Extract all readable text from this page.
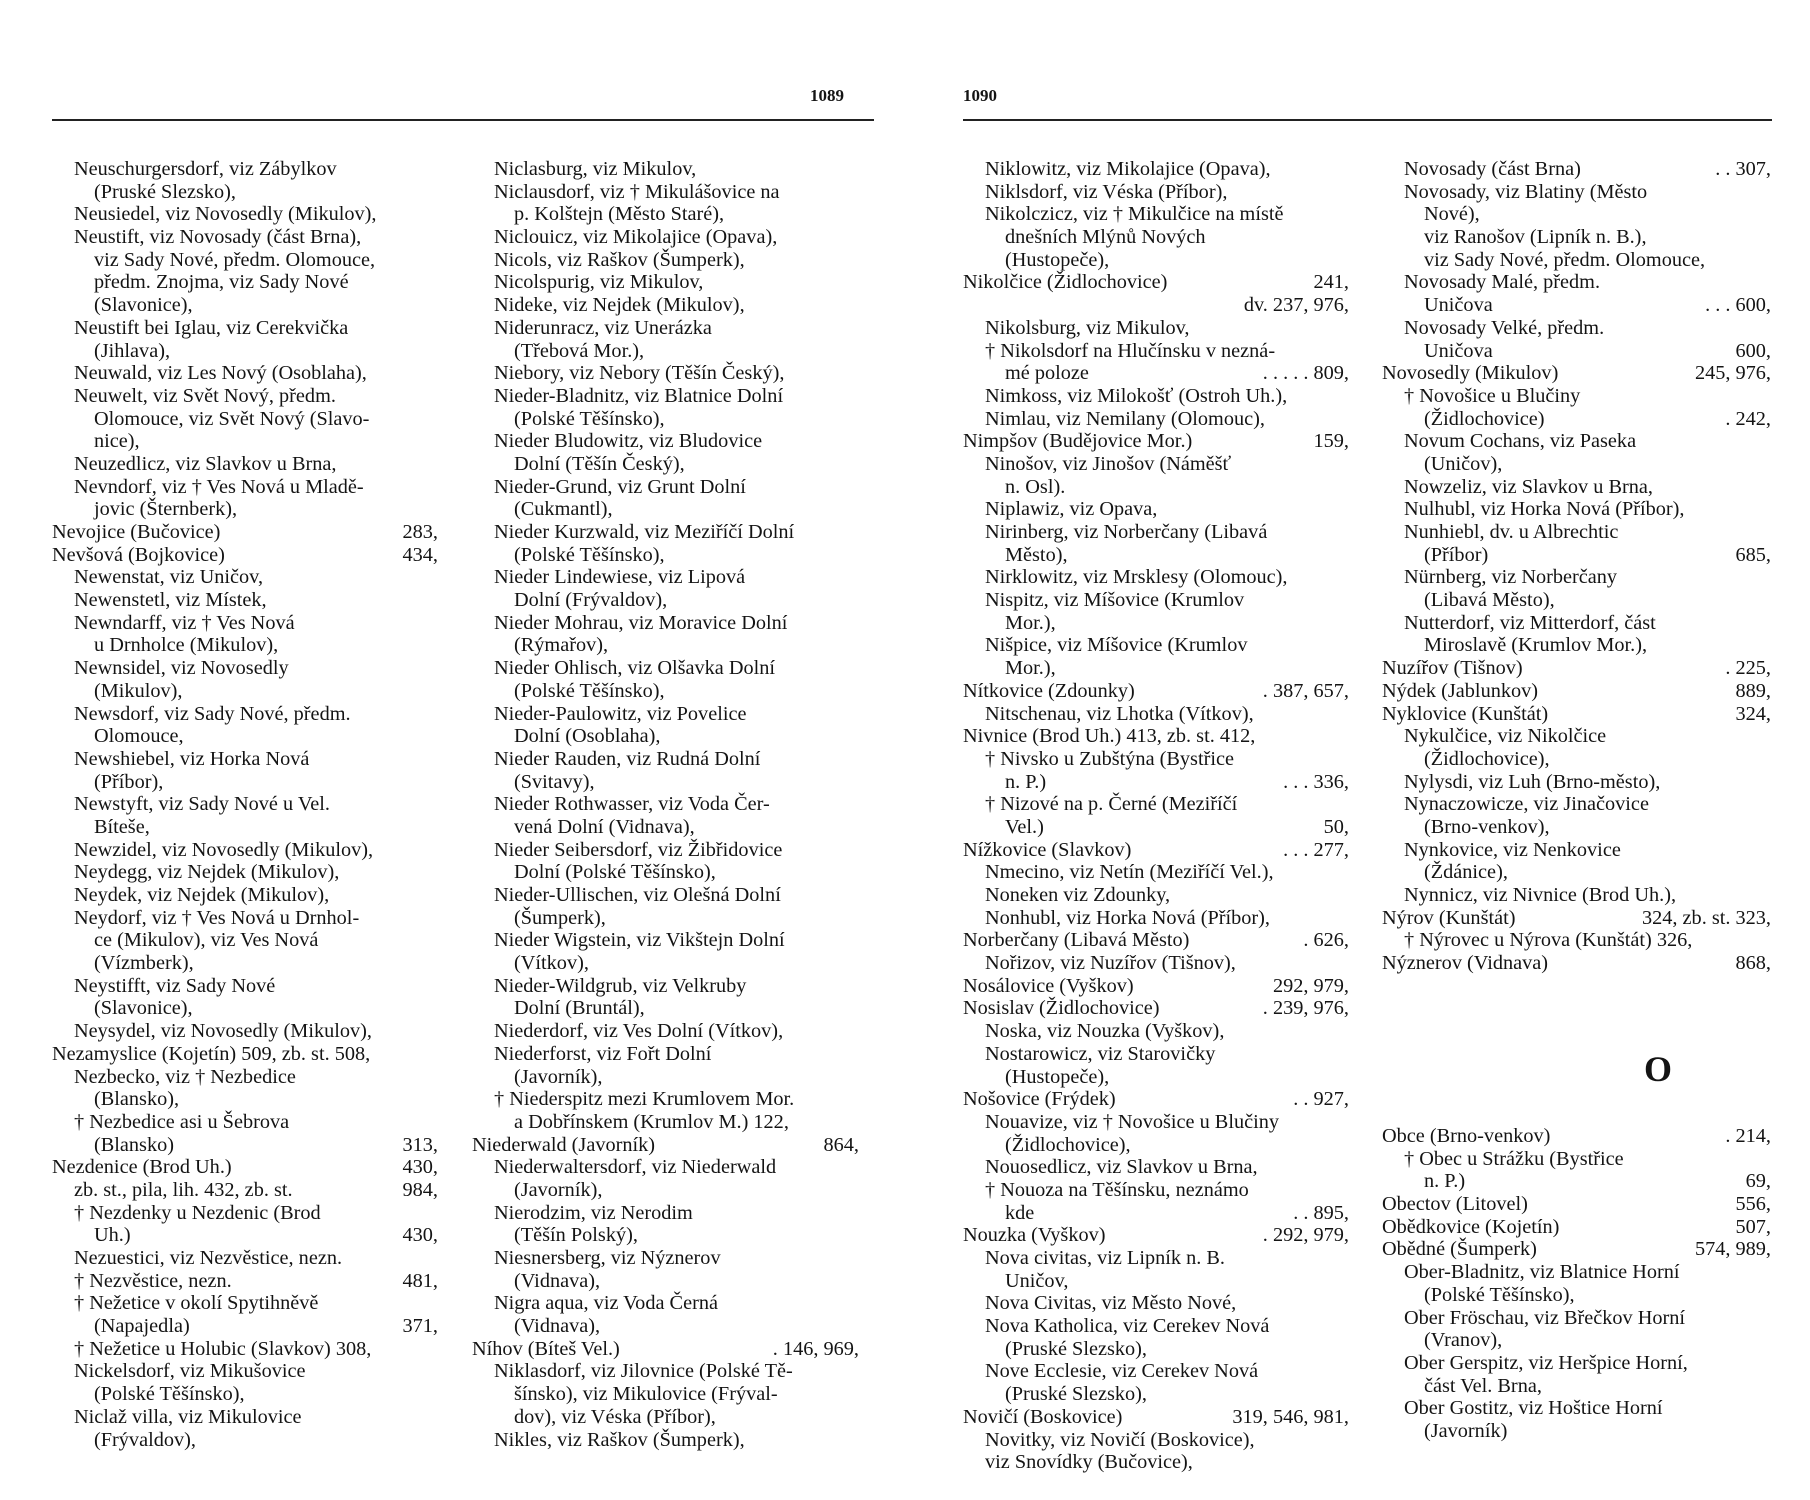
1089	1090
Neuschurgersdorf, viz Zábylkov
(Pruské Slezsko),
Neusiedel, viz Novosedly (Mikulov),
Neustift, viz Novosady (část Brna),
viz Sady Nové, předm. Olomouce,
předm. Znojma, viz Sady Nové
(Slavonice),
Neustift bei Iglau, viz Cerekvička
(Jihlava),
Neuwald, viz Les Nový (Osoblaha),
Neuwelt, viz Svět Nový, předm.
Olomouce, viz Svět Nový (Slavo-
nice),
Neuzedlicz, viz Slavkov u Brna,
Nevndorf, viz † Ves Nová u Mladě-
jovic (Šternberk),
Nevojice (Bučovice)	283,
Nevšová (Bojkovice)	434,
Newenstat, viz Uničov,
Newenstetl, viz Místek,
Newndarff, viz † Ves Nová
u Drnholce (Mikulov),
Newnsidel, viz Novosedly
(Mikulov),
Newsdorf, viz Sady Nové, předm.
Olomouce,
Newshiebel, viz Horka Nová
(Příbor),
Newstyft, viz Sady Nové u Vel.
Bíteše,
Newzidel, viz Novosedly (Mikulov),
Neydegg, viz Nejdek (Mikulov),
Neydek, viz Nejdek (Mikulov),
Neydorf, viz † Ves Nová u Drnhol-
ce (Mikulov), viz Ves Nová
(Vízmberk),
Neystifft, viz Sady Nové
(Slavonice),
Neysydel, viz Novosedly (Mikulov),
Nezamyslice (Kojetín) 509, zb. st. 508,
Nezbecko, viz † Nezbedice
(Blansko),
† Nezbedice asi u Šebrova
(Blansko)	313,
Nezdenice (Brod Uh.)	430,
zb. st., pila, lih. 432, zb. st.	984,
† Nezdenky u Nezdenic (Brod
Uh.)	430,
Nezuestici, viz Nezvěstice, nezn.
† Nezvěstice, nezn.	481,
† Nežetice v okolí Spytihněvě
(Napajedla)	371,
† Nežetice u Holubic (Slavkov) 308,
Nickelsdorf, viz Mikušovice
(Polské Těšínsko),
Niclaž villa, viz Mikulovice
(Frývaldov),
Niclasburg, viz Mikulov,
Niclausdorf, viz † Mikulášovice na
p. Kolštejn (Město Staré),
Niclouicz, viz Mikolajice (Opava),
Nicols, viz Raškov (Šumperk),
Nicolspurig, viz Mikulov,
Nideke, viz Nejdek (Mikulov),
Niderunracz, viz Unerázka
(Třebová Mor.),
Niebory, viz Nebory (Těšín Český),
Nieder-Bladnitz, viz Blatnice Dolní
(Polské Těšínsko),
Nieder Bludowitz, viz Bludovice
Dolní (Těšín Český),
Nieder-Grund, viz Grunt Dolní
(Cukmantl),
Nieder Kurzwald, viz Meziříčí Dolní
(Polské Těšínsko),
Nieder Lindewiese, viz Lipová
Dolní (Frývaldov),
Nieder Mohrau, viz Moravice Dolní
(Rýmařov),
Nieder Ohlisch, viz Olšavka Dolní
(Polské Těšínsko),
Nieder-Paulowitz, viz Povelice
Dolní (Osoblaha),
Nieder Rauden, viz Rudná Dolní
(Svitavy),
Nieder Rothwasser, viz Voda Čer-
vená Dolní (Vidnava),
Nieder Seibersdorf, viz Žibřidovice
Dolní (Polské Těšínsko),
Nieder-Ullischen, viz Olešná Dolní
(Šumperk),
Nieder Wigstein, viz Vikštejn Dolní
(Vítkov),
Nieder-Wildgrub, viz Velkruby
Dolní (Bruntál),
Niederdorf, viz Ves Dolní (Vítkov),
Niederforst, viz Fořt Dolní
(Javorník),
† Niederspitz mezi Krumlovem Mor.
a Dobřínskem (Krumlov M.) 122,
Niederwald (Javorník)	864,
Niederwaltersdorf, viz Niederwald
(Javorník),
Nierodzim, viz Nerodim
(Těšín Polský),
Niesnersberg, viz Nýznerov
(Vidnava),
Nigra aqua, viz Voda Černá
(Vidnava),
Níhov (Bíteš Vel.)	. 146, 969,
Niklasdorf, viz Jilovnice (Polské Tě-
šínsko), viz Mikulovice (Frýval-
dov), viz Véska (Příbor),
Nikles, viz Raškov (Šumperk),
Niklowitz, viz Mikolajice (Opava),
Niklsdorf, viz Véska (Příbor),
Nikolczicz, viz † Mikulčice na místě
dnešních Mlýnů Nových
(Hustopeče),
Nikolčice (Židlochovice)	241,
dv. 237, 976,
Nikolsburg, viz Mikulov,
† Nikolsdorf na Hlučínsku v nezná-
mé poloze	. . . . . 809,
Nimkoss, viz Milokošť (Ostroh Uh.),
Nimlau, viz Nemilany (Olomouc),
Nimpšov (Budějovice Mor.)	159,
Ninošov, viz Jinošov (Náměšť
n. Osl).
Niplawiz, viz Opava,
Nirinberg, viz Norberčany (Libavá
Město),
Nirklowitz, viz Mrsklesy (Olomouc),
Nispitz, viz Míšovice (Krumlov
Mor.),
Nišpice, viz Míšovice (Krumlov
Mor.),
Nítkovice (Zdounky)	. 387, 657,
Nitschenau, viz Lhotka (Vítkov),
Nivnice (Brod Uh.) 413, zb. st. 412,
† Nivsko u Zubštýna (Bystřice
n. P.)	. . . 336,
† Nizové na p. Černé (Meziříčí
Vel.)	50,
Nížkovice (Slavkov)	. . . 277,
Nmecino, viz Netín (Meziříčí Vel.),
Noneken viz Zdounky,
Nonhubl, viz Horka Nová (Příbor),
Norberčany (Libavá Město)	. 626,
Nořizov, viz Nuzířov (Tišnov),
Nosálovice (Vyškov)	292, 979,
Nosislav (Židlochovice)	. 239, 976,
Noska, viz Nouzka (Vyškov),
Nostarowicz, viz Starovičky
(Hustopeče),
Nošovice (Frýdek)	. . 927,
Nouavize, viz † Novošice u Blučiny
(Židlochovice),
Nouosedlicz, viz Slavkov u Brna,
† Nouoza na Těšínsku, neznámo
kde	. . 895,
Nouzka (Vyškov)	. 292, 979,
Nova civitas, viz Lipník n. B.
Uničov,
Nova Civitas, viz Město Nové,
Nova Katholica, viz Cerekev Nová
(Pruské Slezsko),
Nove Ecclesie, viz Cerekev Nová
(Pruské Slezsko),
Novičí (Boskovice)	319, 546, 981,
Novitky, viz Novičí (Boskovice),
viz Snovídky (Bučovice),
Novosady (část Brna)	. . 307,
Novosady, viz Blatiny (Město
Nové),
viz Ranošov (Lipník n. B.),
viz Sady Nové, předm. Olomouce,
Novosady Malé, předm.
Uničova	. . . 600,
Novosady Velké, předm.
Uničova	600,
Novosedly (Mikulov)	245, 976,
† Novošice u Blučiny
(Židlochovice)	. 242,
Novum Cochans, viz Paseka
(Uničov),
Nowzeliz, viz Slavkov u Brna,
Nulhubl, viz Horka Nová (Příbor),
Nunhiebl, dv. u Albrechtic
(Příbor)	685,
Nürnberg, viz Norberčany
(Libavá Město),
Nutterdorf, viz Mitterdorf, část
Miroslavě (Krumlov Mor.),
Nuzířov (Tišnov)	. 225,
Nýdek (Jablunkov)	889,
Nyklovice (Kunštát)	324,
Nykulčice, viz Nikolčice
(Židlochovice),
Nylysdi, viz Luh (Brno-město),
Nynaczowicze, viz Jinačovice
(Brno-venkov),
Nynkovice, viz Nenkovice
(Ždánice),
Nynnicz, viz Nivnice (Brod Uh.),
Nýrov (Kunštát)	324, zb. st. 323,
† Nýrovec u Nýrova (Kunštát) 326,
Nýznerov (Vidnava)	868,
O
Obce (Brno-venkov)	. 214,
† Obec u Strážku (Bystřice
n. P.)	69,
Obectov (Litovel)	556,
Obědkovice (Kojetín)	507,
Obědné (Šumperk)	574, 989,
Ober-Bladnitz, viz Blatnice Horní
(Polské Těšínsko),
Ober Fröschau, viz Břečkov Horní
(Vranov),
Ober Gerspitz, viz Heršpice Horní,
část Vel. Brna,
Ober Gostitz, viz Hoštice Horní
(Javorník)
